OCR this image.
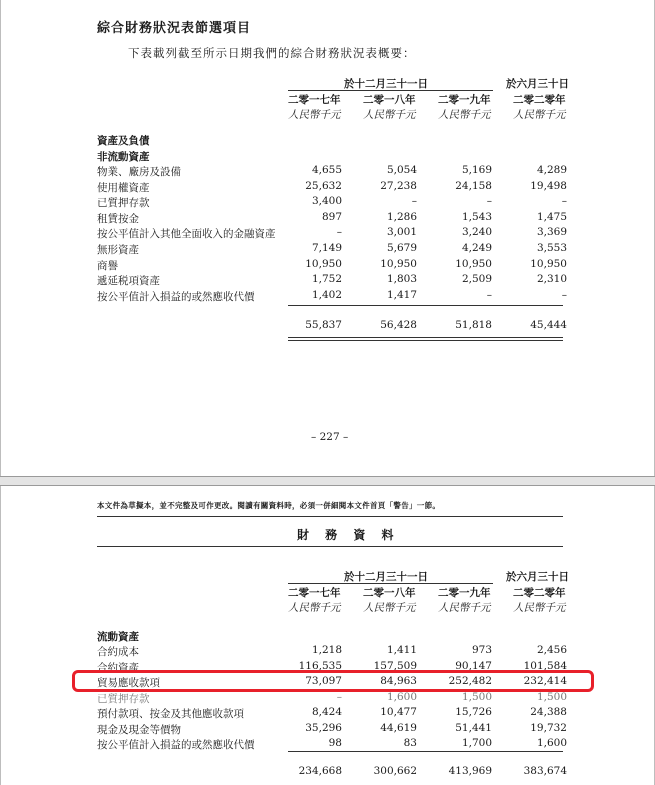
綜合財務狀況表節選項目
下表載列截至所示日期我們的綜合財務狀況表概要：
於十二月三十一日	於六月三十日
二零一七年 二零一八年 二零一九年 二零二零年
人民幣千元 人民幣千元 人民幣千元 人民幣千元
資產及負債
非流動資產
物業、廠房及設備	4,655	5,054	5,169	4,289
使用權資產	25,632	27,238	24,158	19,498
已質押存款	3,400	–	–	–
租賃按金	897	1,286	1,543	1,475
按公平值計入其他全面收入的金融資產	–	3,001	3,240	3,369
無形資產	7,149	5,679	4,249	3,553
商譽	10,950	10,950	10,950	10,950
遞延税項資產	1,752	1,803	2,509	2,310
按公平值計入損益的或然應收代價	1,402	1,417	–	–
55,837	56,428	51,818	45,444
– 227 –
本文件為草擬本，並不完整及可作更改。閱讀有關資料時，必須一併細閱本文件首頁「警告」一節。
財 務 資 料
於十二月三十一日	於六月三十日
二零一七年 二零一八年 二零一九年 二零二零年
人民幣千元 人民幣千元 人民幣千元 人民幣千元
流動資產
合約成本	1,218	1,411	973	2,456
合約資產	116,535	157,509	90,147	101,584
貿易應收款項	73,097	84,963	252,482	232,414
已質押存款	–	1,600	1,500	1,500
預付款項、按金及其他應收款項	8,424	10,477	15,726	24,388
現金及現金等價物	35,296	44,619	51,441	19,732
按公平值計入損益的或然應收代價	98	83	1,700	1,600
234,668	300,662	413,969	383,674
